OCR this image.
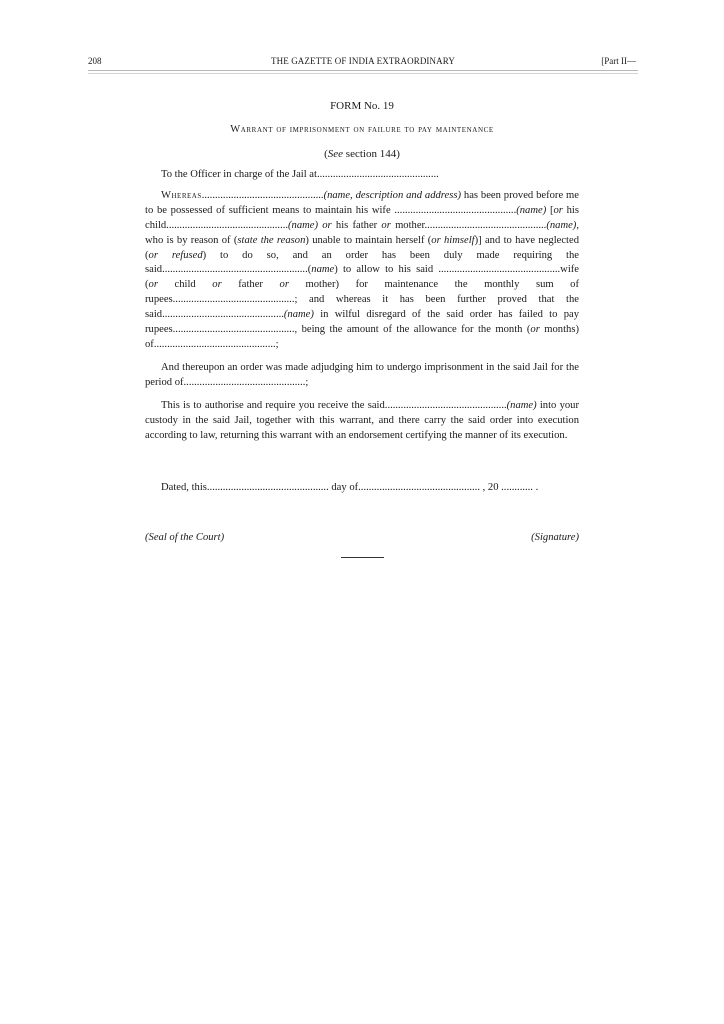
208	THE GAZETTE OF INDIA EXTRAORDINARY	[Part II—
FORM No. 19
Warrant of imprisonment on failure to pay maintenance
(See section 144)

To the Officer in charge of the Jail at..............................................

Whereas..............................................(name, description and address) has been proved before me to be possessed of sufficient means to maintain his wife ..............................................(name) [or his child..............................................(name) or his father or mother..............................................(name), who is by reason of (state the reason) unable to maintain herself (or himself)] and to have neglected (or refused) to do so, and an order has been duly made requiring the said.......................................................(name) to allow to his said ..............................................wife (or child or father or mother) for maintenance the monthly sum of rupees..............................................; and whereas it has been further proved that the said..............................................(name) in wilful disregard of the said order has failed to pay rupees.............................................., being the amount of the allowance for the month (or months) of..............................................;

And thereupon an order was made adjudging him to undergo imprisonment in the said Jail for the period of..............................................;

This is to authorise and require you receive the said..............................................(name) into your custody in the said Jail, together with this warrant, and there carry the said order into execution according to law, returning this warrant with an endorsement certifying the manner of its execution.

Dated, this.............................................. day of.............................................. , 20 ............ .
(Seal of the Court)	(Signature)
